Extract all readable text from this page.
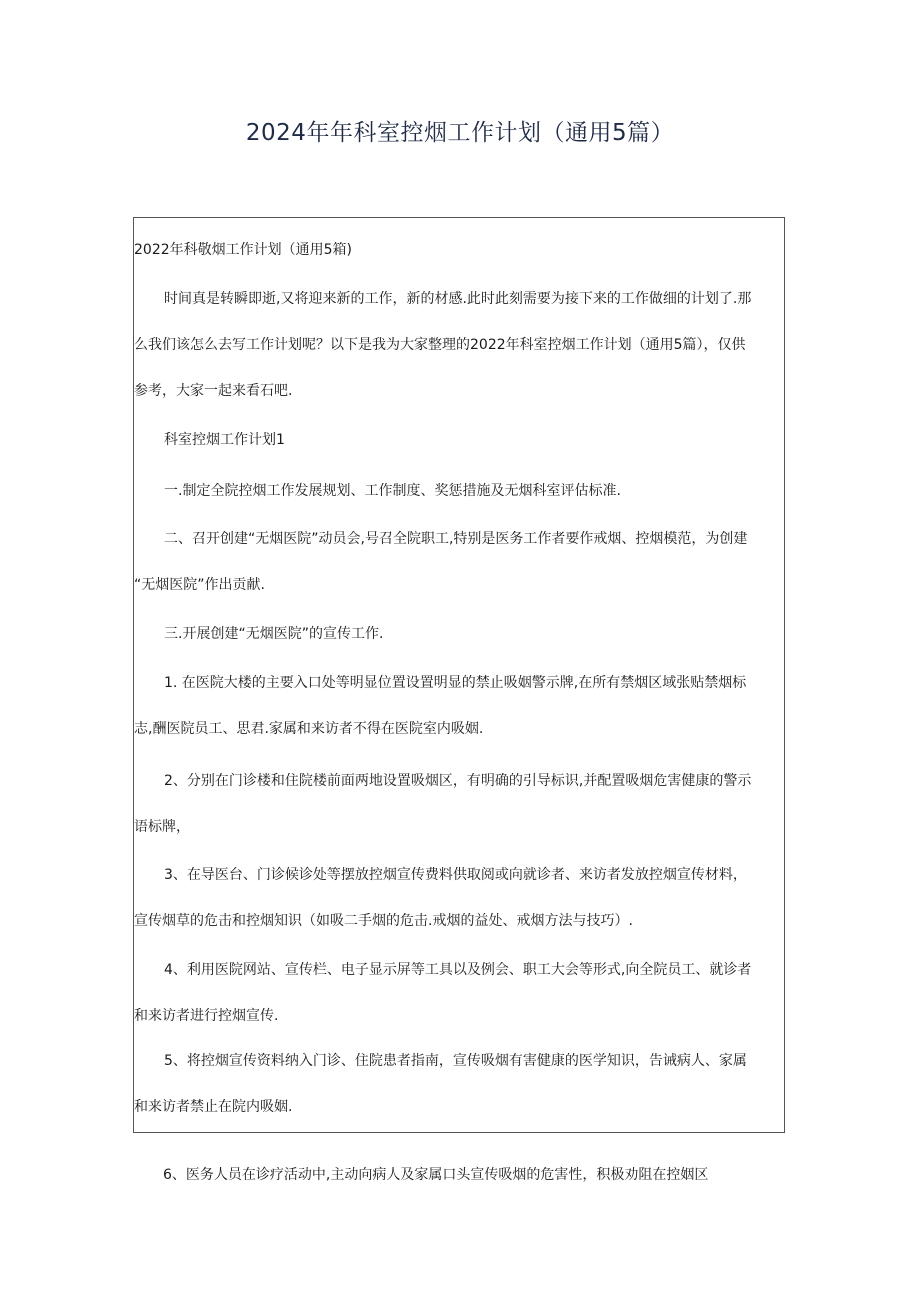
2024年年科室控烟工作计划（通用5篇）

2022年科敬烟工作计划（通用5箱)

时间真是转瞬即逝,又将迎来新的工作，新的材感.此时此刻需要为接下来的工作做细的计划了.那
么我们该怎么去写工作计划呢？以下是我为大家整理的2022年科室控烟工作计划（通用5篇），仅供
参考，大家一起来看石吧.

科室控烟工作计划1

一.制定全院控烟工作发展规划、工作制度、奖惩措施及无烟科室评估标准.

二、召开创建“无烟医院”动员会,号召全院职工,特别是医务工作者要作戒烟、控烟模范，为创建
“无烟医院”作出贡献.

三.开展创建“无烟医院”的宣传工作.

1. 在医院大楼的主要入口处等明显位置设置明显的禁止吸姻警示牌,在所有禁烟区域张贴禁烟标
志,酬医院员工、思君.家属和来访者不得在医院室内吸姻.

2、分别在门诊楼和住院楼前面两地设置吸烟区，有明确的引导标识,并配置吸烟危害健康的警示
语标牌，

3、在导医台、门诊候诊处等摆放控烟宣传费料供取阅或向就诊者、来访者发放控烟宣传材料，
宣传烟草的危击和控烟知识（如吸二手烟的危击.戒烟的益处、戒烟方法与技巧）.

4、利用医院网站、宣传栏、电子显示屏等工具以及例会、职工大会等形式,向全院员工、就诊者
和来访者进行控烟宣传.

5、将控烟宣传资料纳入门诊、住院患者指南，宣传吸烟有害健康的医学知识，告诫病人、家属
和来访者禁止在院内吸姻.

6、医务人员在诊疗活动中,主动向病人及家属口头宣传吸烟的危害性，积极劝阻在控姻区
